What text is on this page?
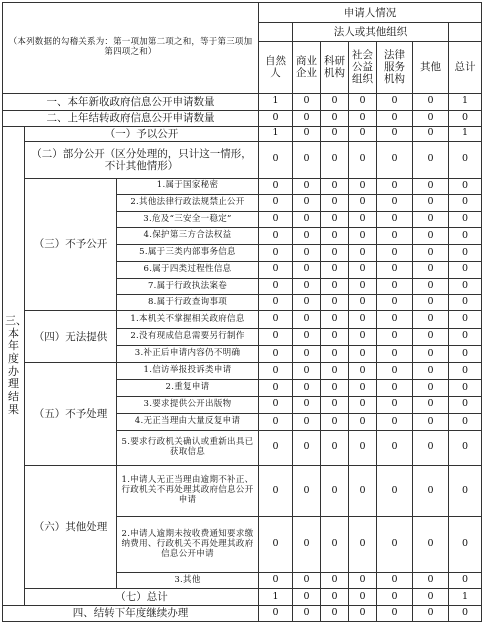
（本列数据的勾稽关系为：第一项加第二项之和，等于第三项加第四项之和）			申请人情况						
				法人或其他组织					
			自然人	商业企业	科研机构	社会公益组织	法律服务机构	其他	总计
一、本年新收政府信息公开申请数量			1	0	0	0	0	0	1
二、上年结转政府信息公开申请数量			0	0	0	0	0	0	0
三、本年度办理结果	（一）予以公开		1	0	0	0	0	0	1
	（二）部分公开（区分处理的，只计这一情形，不计其他情形）		0	0	0	0	0	0	0
	（三）不予公开	1.属于国家秘密	0	0	0	0	0	0	0
		2.其他法律行政法规禁止公开	0	0	0	0	0	0	0
		3.危及“三安全一稳定”	0	0	0	0	0	0	0
		4.保护第三方合法权益	0	0	0	0	0	0	0
		5.属于三类内部事务信息	0	0	0	0	0	0	0
		6.属于四类过程性信息	0	0	0	0	0	0	0
		7.属于行政执法案卷	0	0	0	0	0	0	0
		8.属于行政查询事项	0	0	0	0	0	0	0
	（四）无法提供	1.本机关不掌握相关政府信息	0	0	0	0	0	0	0
		2.没有现成信息需要另行制作	0	0	0	0	0	0	0
		3.补正后申请内容仍不明确	0	0	0	0	0	0	0
	（五）不予处理	1.信访举报投诉类申请	0	0	0	0	0	0	0
		2.重复申请	0	0	0	0	0	0	0
		3.要求提供公开出版物	0	0	0	0	0	0	0
		4.无正当理由大量反复申请	0	0	0	0	0	0	0
		5.要求行政机关确认或重新出具已获取信息	0	0	0	0	0	0	0
	（六）其他处理	1.申请人无正当理由逾期不补正、行政机关不再处理其政府信息公开申请	0	0	0	0	0	0	0
		2.申请人逾期未按收费通知要求缴纳费用、行政机关不再处理其政府信息公开申请	0	0	0	0	0	0	0
		3.其他	0	0	0	0	0	0	0
	（七）总计		1	0	0	0	0	0	1
四、结转下年度继续办理			0	0	0	0	0	0	0
